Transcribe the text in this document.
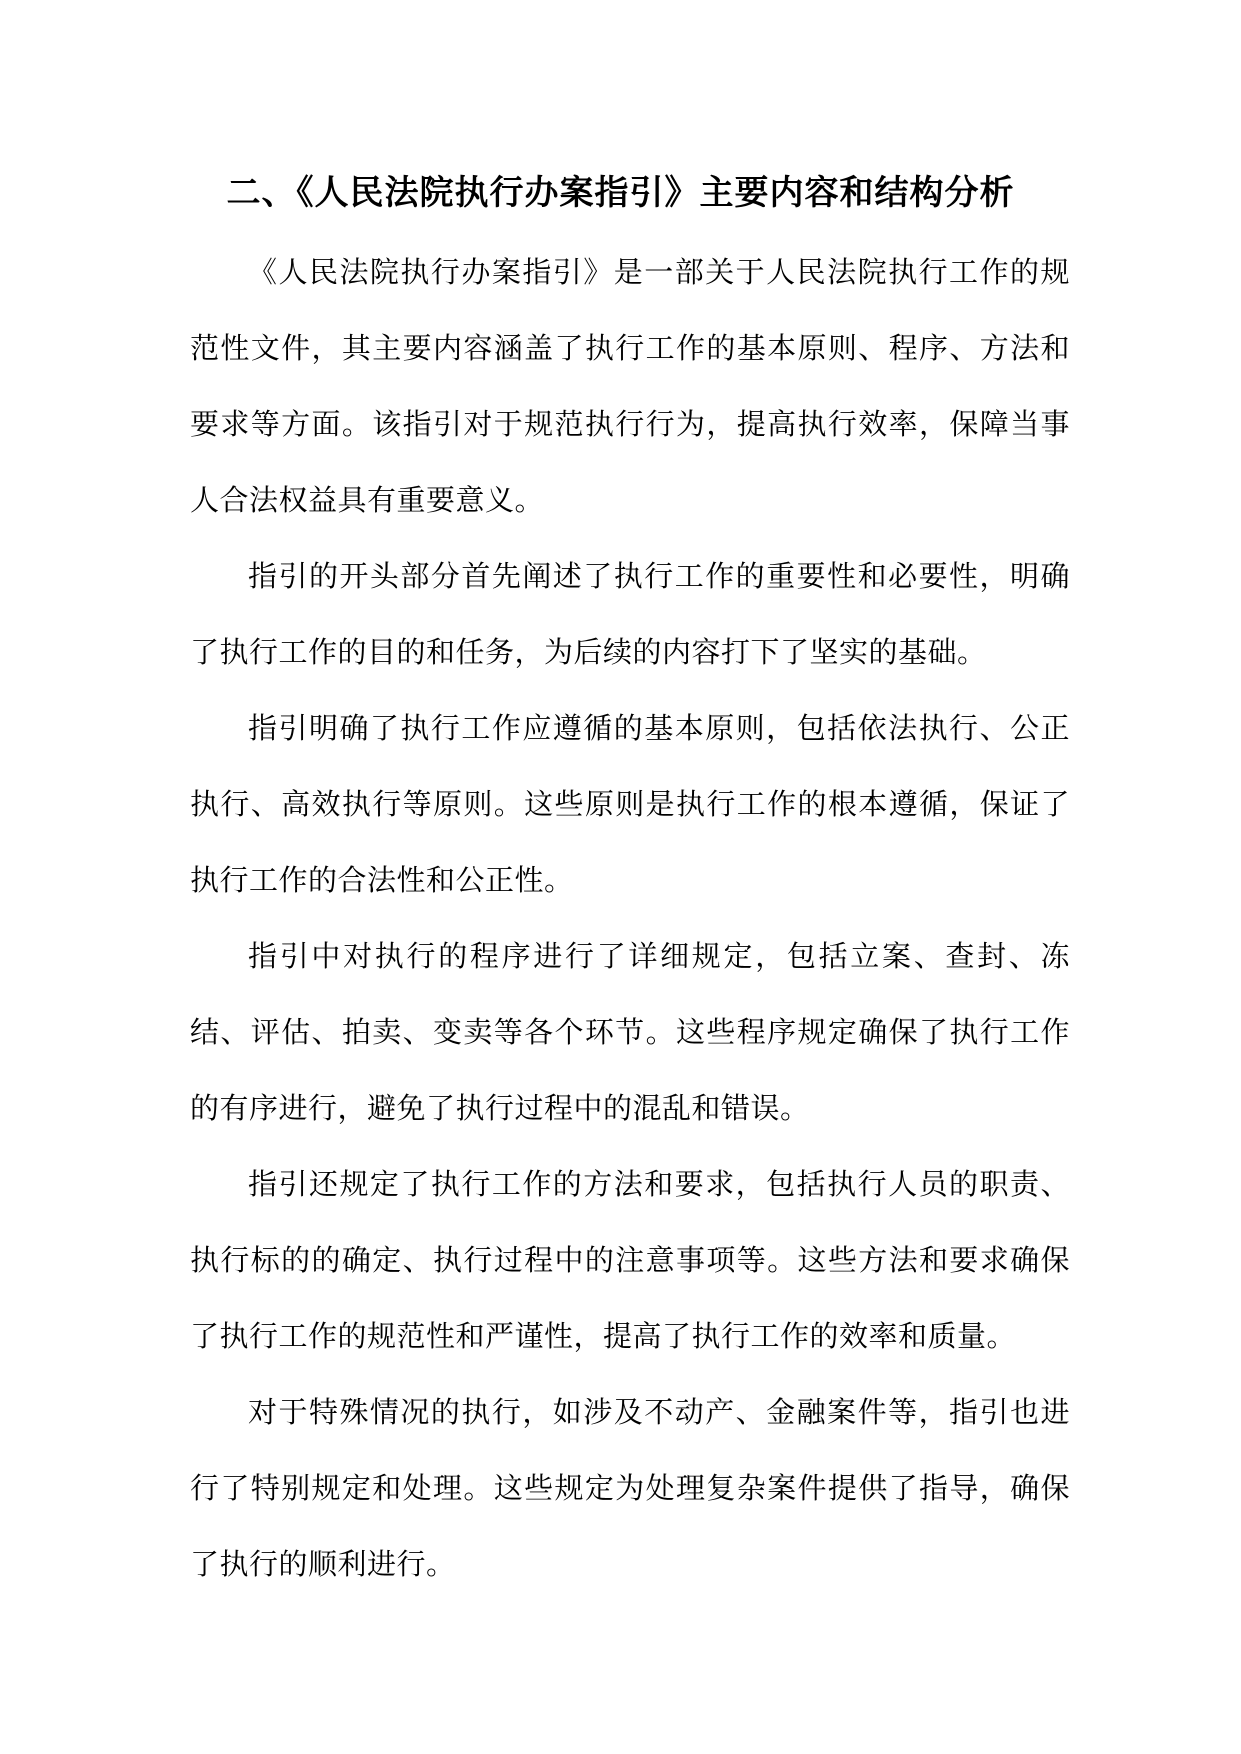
二、《人民法院执行办案指引》主要内容和结构分析

《人民法院执行办案指引》是一部关于人民法院执行工作的规范性文件，其主要内容涵盖了执行工作的基本原则、程序、方法和要求等方面。该指引对于规范执行行为，提高执行效率，保障当事人合法权益具有重要意义。

指引的开头部分首先阐述了执行工作的重要性和必要性，明确了执行工作的目的和任务，为后续的内容打下了坚实的基础。

指引明确了执行工作应遵循的基本原则，包括依法执行、公正执行、高效执行等原则。这些原则是执行工作的根本遵循，保证了执行工作的合法性和公正性。

指引中对执行的程序进行了详细规定，包括立案、查封、冻结、评估、拍卖、变卖等各个环节。这些程序规定确保了执行工作的有序进行，避免了执行过程中的混乱和错误。

指引还规定了执行工作的方法和要求，包括执行人员的职责、执行标的的确定、执行过程中的注意事项等。这些方法和要求确保了执行工作的规范性和严谨性，提高了执行工作的效率和质量。

对于特殊情况的执行，如涉及不动产、金融案件等，指引也进行了特别规定和处理。这些规定为处理复杂案件提供了指导，确保了执行的顺利进行。
